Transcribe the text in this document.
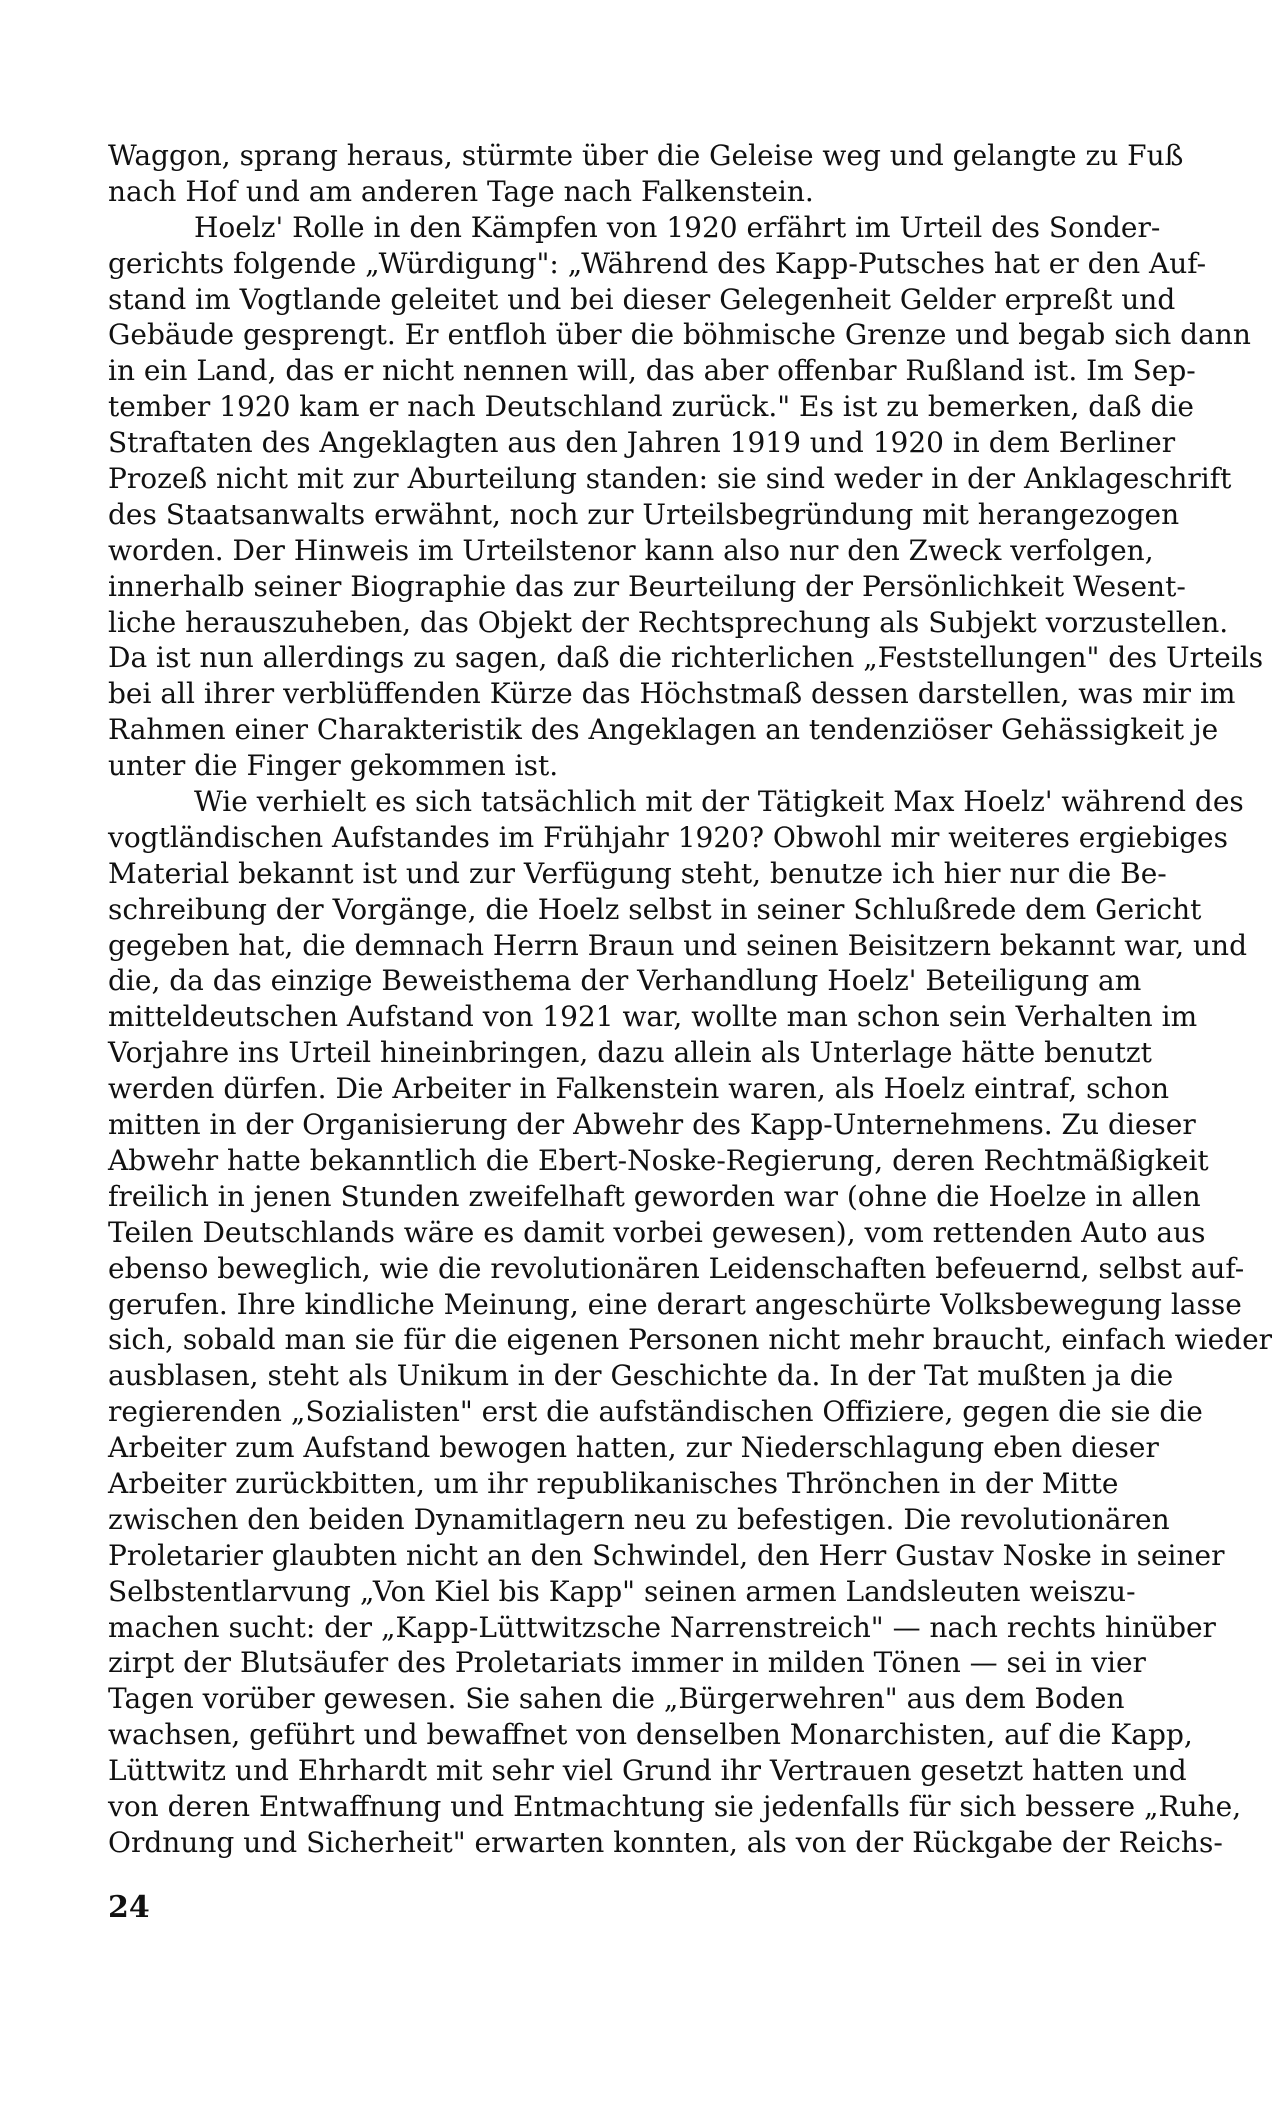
Waggon, sprang heraus, stürmte über die Geleise weg und gelangte zu Fuß
nach Hof und am anderen Tage nach Falkenstein.
Hoelz' Rolle in den Kämpfen von 1920 erfährt im Urteil des Sonder-
gerichts folgende „Würdigung": „Während des Kapp-Putsches hat er den Auf-
stand im Vogtlande geleitet und bei dieser Gelegenheit Gelder erpreßt und
Gebäude gesprengt. Er entfloh über die böhmische Grenze und begab sich dann
in ein Land, das er nicht nennen will, das aber offenbar Rußland ist. Im Sep-
tember 1920 kam er nach Deutschland zurück." Es ist zu bemerken, daß die
Straftaten des Angeklagten aus den Jahren 1919 und 1920 in dem Berliner
Prozeß nicht mit zur Aburteilung standen: sie sind weder in der Anklageschrift
des Staatsanwalts erwähnt, noch zur Urteilsbegründung mit herangezogen
worden. Der Hinweis im Urteilstenor kann also nur den Zweck verfolgen,
innerhalb seiner Biographie das zur Beurteilung der Persönlichkeit Wesent-
liche herauszuheben, das Objekt der Rechtsprechung als Subjekt vorzustellen.
Da ist nun allerdings zu sagen, daß die richterlichen „Feststellungen" des Urteils
bei all ihrer verblüffenden Kürze das Höchstmaß dessen darstellen, was mir im
Rahmen einer Charakteristik des Angeklagen an tendenziöser Gehässigkeit je
unter die Finger gekommen ist.
Wie verhielt es sich tatsächlich mit der Tätigkeit Max Hoelz' während des
vogtländischen Aufstandes im Frühjahr 1920? Obwohl mir weiteres ergiebiges
Material bekannt ist und zur Verfügung steht, benutze ich hier nur die Be-
schreibung der Vorgänge, die Hoelz selbst in seiner Schlußrede dem Gericht
gegeben hat, die demnach Herrn Braun und seinen Beisitzern bekannt war, und
die, da das einzige Beweisthema der Verhandlung Hoelz' Beteiligung am
mitteldeutschen Aufstand von 1921 war, wollte man schon sein Verhalten im
Vorjahre ins Urteil hineinbringen, dazu allein als Unterlage hätte benutzt
werden dürfen. Die Arbeiter in Falkenstein waren, als Hoelz eintraf, schon
mitten in der Organisierung der Abwehr des Kapp-Unternehmens. Zu dieser
Abwehr hatte bekanntlich die Ebert-Noske-Regierung, deren Rechtmäßigkeit
freilich in jenen Stunden zweifelhaft geworden war (ohne die Hoelze in allen
Teilen Deutschlands wäre es damit vorbei gewesen), vom rettenden Auto aus
ebenso beweglich, wie die revolutionären Leidenschaften befeuernd, selbst auf-
gerufen. Ihre kindliche Meinung, eine derart angeschürte Volksbewegung lasse
sich, sobald man sie für die eigenen Personen nicht mehr braucht, einfach wieder
ausblasen, steht als Unikum in der Geschichte da. In der Tat mußten ja die
regierenden „Sozialisten" erst die aufständischen Offiziere, gegen die sie die
Arbeiter zum Aufstand bewogen hatten, zur Niederschlagung eben dieser
Arbeiter zurückbitten, um ihr republikanisches Thrönchen in der Mitte
zwischen den beiden Dynamitlagern neu zu befestigen. Die revolutionären
Proletarier glaubten nicht an den Schwindel, den Herr Gustav Noske in seiner
Selbstentlarvung „Von Kiel bis Kapp" seinen armen Landsleuten weiszu-
machen sucht: der „Kapp-Lüttwitzsche Narrenstreich" — nach rechts hinüber
zirpt der Blutsäufer des Proletariats immer in milden Tönen — sei in vier
Tagen vorüber gewesen. Sie sahen die „Bürgerwehren" aus dem Boden
wachsen, geführt und bewaffnet von denselben Monarchisten, auf die Kapp,
Lüttwitz und Ehrhardt mit sehr viel Grund ihr Vertrauen gesetzt hatten und
von deren Entwaffnung und Entmachtung sie jedenfalls für sich bessere „Ruhe,
Ordnung und Sicherheit" erwarten konnten, als von der Rückgabe der Reichs-
24
